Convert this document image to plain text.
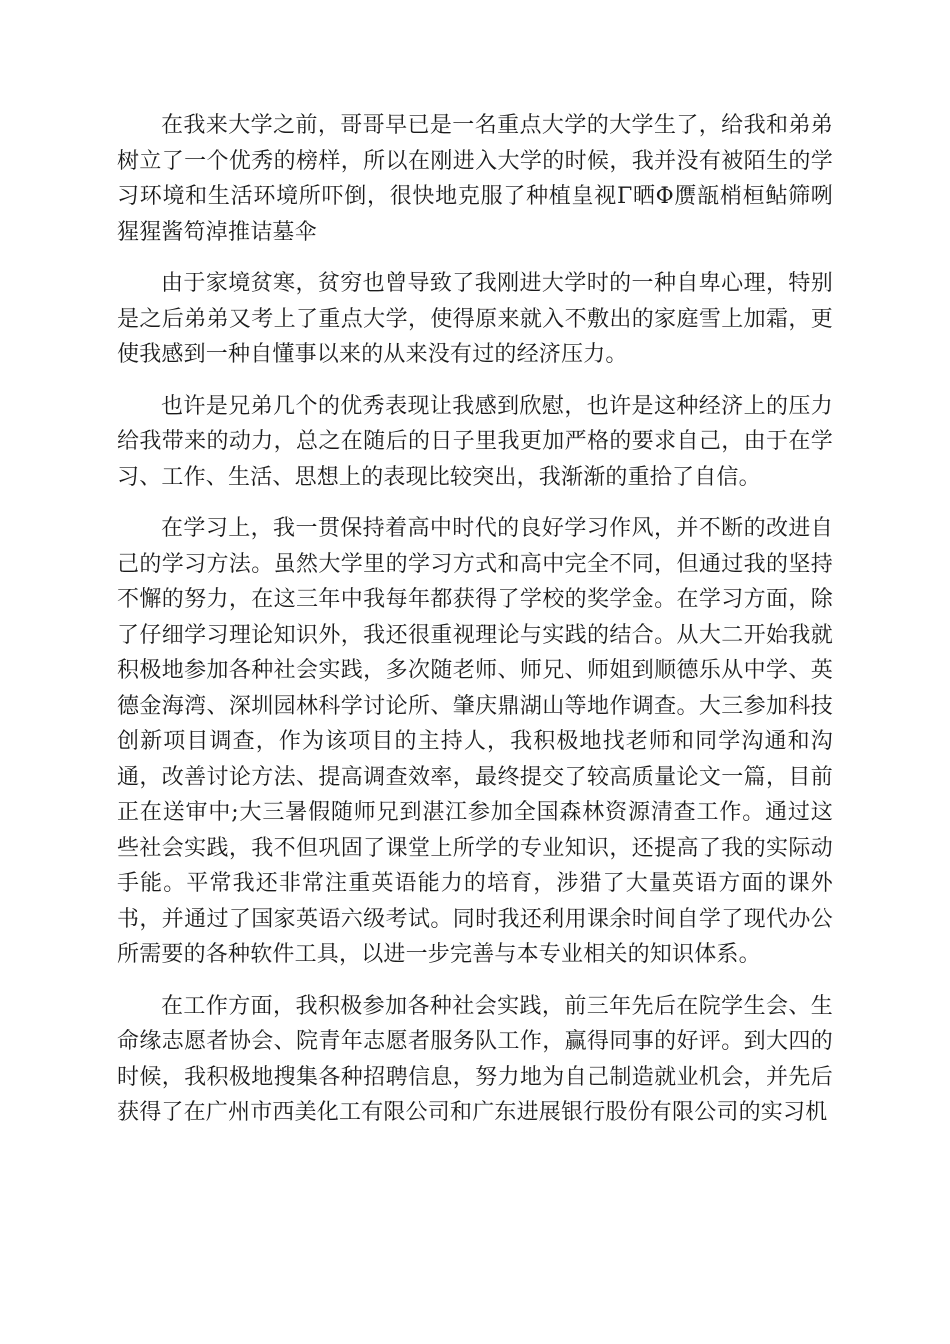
在我来大学之前，哥哥早已是一名重点大学的大学生了，给我和弟弟树立了一个优秀的榜样，所以在刚进入大学的时候，我并没有被陌生的学习环境和生活环境所吓倒，很快地克服了种植皇视Γ晒Φ赝瓿梢桓鲇筛咧猩猩酱笱淖推诘墓伞

由于家境贫寒，贫穷也曾导致了我刚进大学时的一种自卑心理，特别是之后弟弟又考上了重点大学，使得原来就入不敷出的家庭雪上加霜，更使我感到一种自懂事以来的从来没有过的经济压力。

也许是兄弟几个的优秀表现让我感到欣慰，也许是这种经济上的压力给我带来的动力，总之在随后的日子里我更加严格的要求自己，由于在学习、工作、生活、思想上的表现比较突出，我渐渐的重拾了自信。

在学习上，我一贯保持着高中时代的良好学习作风，并不断的改进自己的学习方法。虽然大学里的学习方式和高中完全不同，但通过我的坚持不懈的努力，在这三年中我每年都获得了学校的奖学金。在学习方面，除了仔细学习理论知识外，我还很重视理论与实践的结合。从大二开始我就积极地参加各种社会实践，多次随老师、师兄、师姐到顺德乐从中学、英德金海湾、深圳园林科学讨论所、肇庆鼎湖山等地作调查。大三参加科技创新项目调查，作为该项目的主持人，我积极地找老师和同学沟通和沟通，改善讨论方法、提高调查效率，最终提交了较高质量论文一篇，目前正在送审中;大三暑假随师兄到湛江参加全国森林资源清查工作。通过这些社会实践，我不但巩固了课堂上所学的专业知识，还提高了我的实际动手能。平常我还非常注重英语能力的培育，涉猎了大量英语方面的课外书，并通过了国家英语六级考试。同时我还利用课余时间自学了现代办公所需要的各种软件工具，以进一步完善与本专业相关的知识体系。

在工作方面，我积极参加各种社会实践，前三年先后在院学生会、生命缘志愿者协会、院青年志愿者服务队工作，赢得同事的好评。到大四的时候，我积极地搜集各种招聘信息，努力地为自己制造就业机会，并先后获得了在广州市西美化工有限公司和广东进展银行股份有限公司的实习机
